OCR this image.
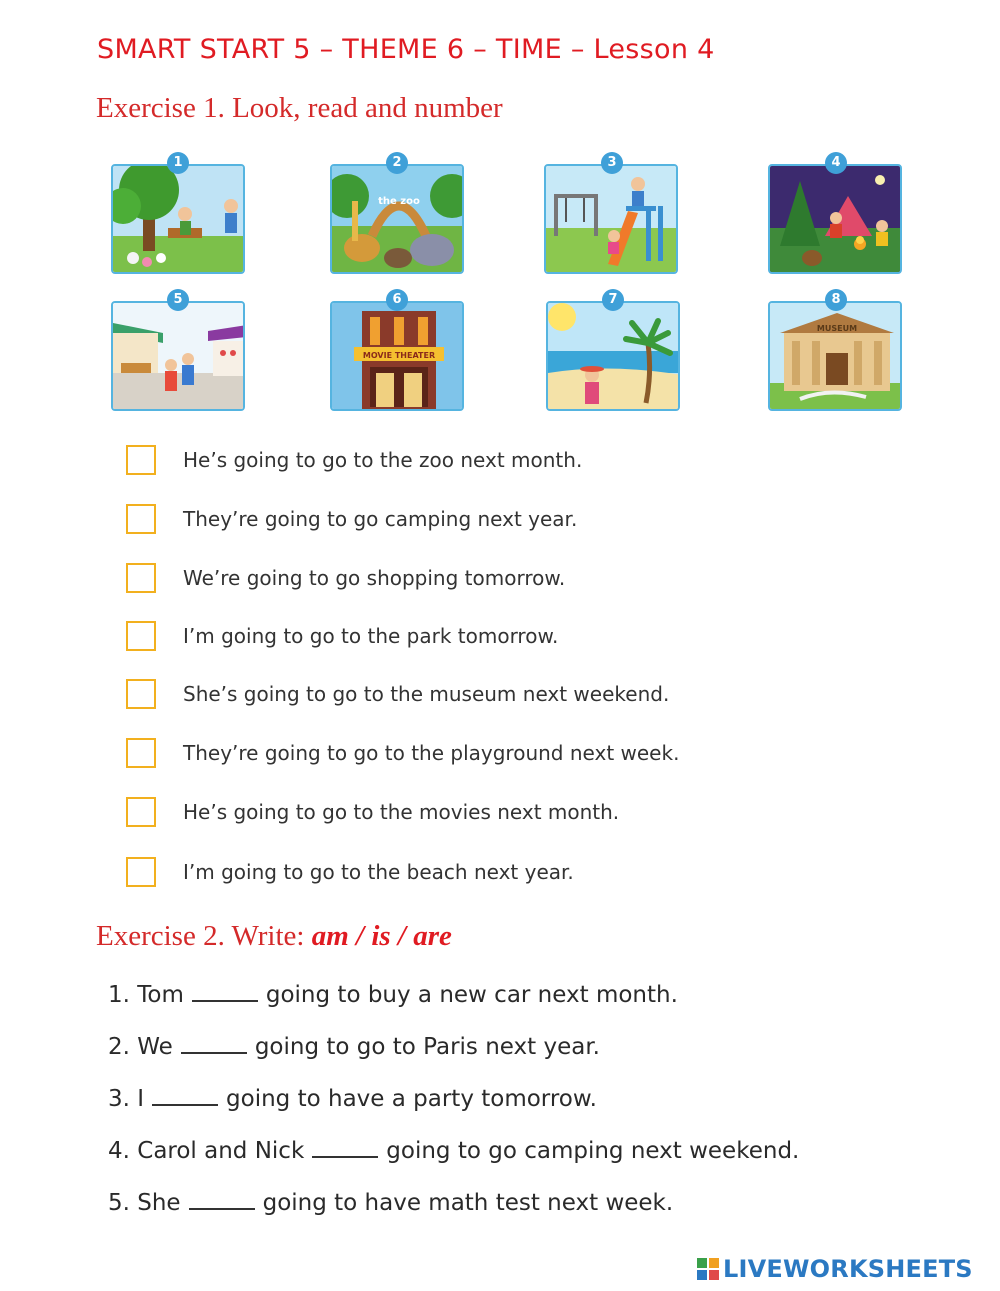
SMART START 5 – THEME 6 – TIME – Lesson 4
Exercise 1. Look, read and number
1
the zoo
2	3	4
5
MOVIE THEATER
6	7
MUSEUM
8
He’s going to go to the zoo next month.
They’re going to go camping next year.
We’re going to go shopping tomorrow.
I’m going to go to the park tomorrow.
She’s going to go to the museum next weekend.
They’re going to go to the playground next week.
He’s going to go to the movies next month.
I’m going to go to the beach next year.
Exercise 2. Write: am / is / are
1. Tom	going to buy a new car next month.
2. We	going to go to Paris next year.
3. I	going to have a party tomorrow.
4. Carol and Nick	going to go camping next weekend.
5. She	going to have math test next week.
LIVEWORKSHEETS
